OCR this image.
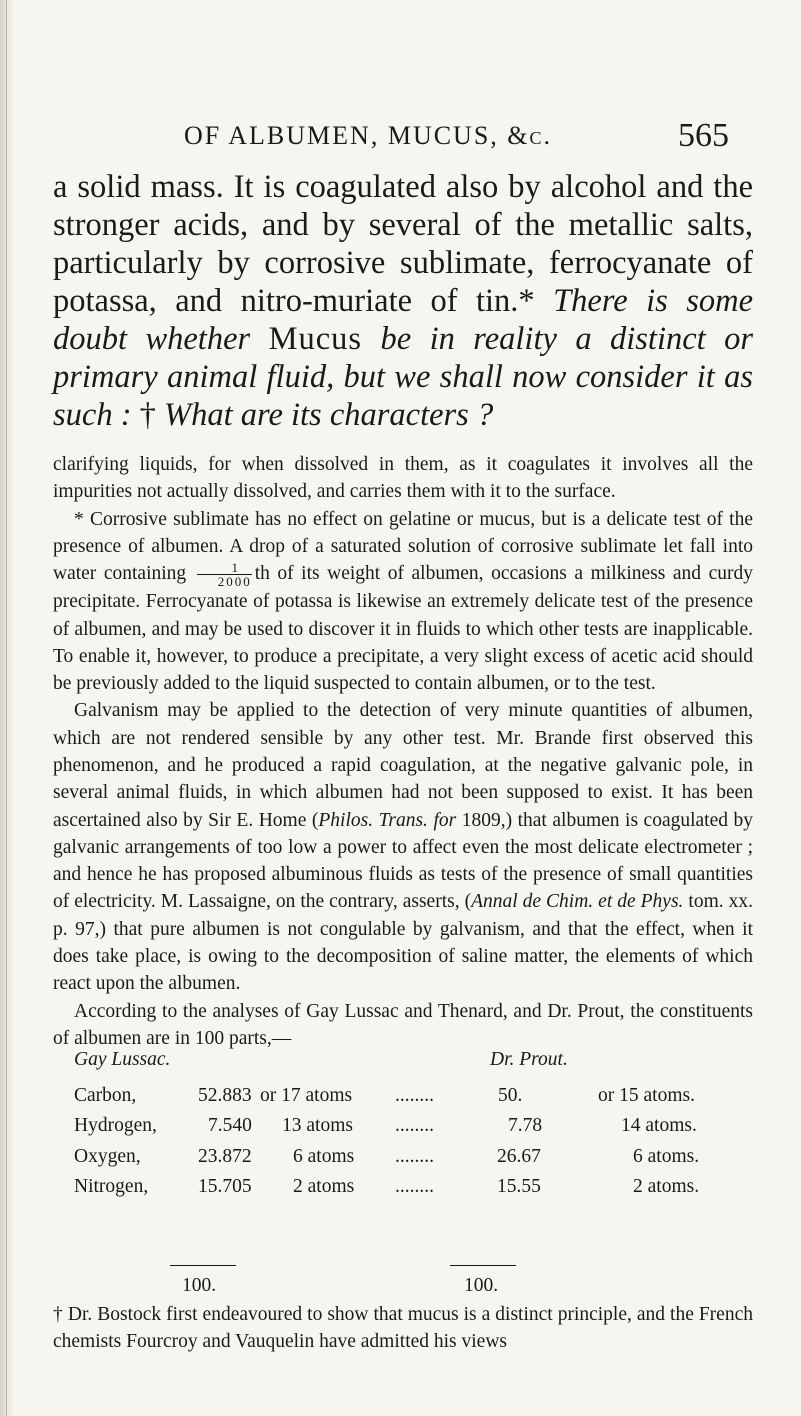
OF ALBUMEN, MUCUS, &c.	565

a solid mass. It is coagulated also by alcohol and the stronger acids, and by several of the metallic salts, particularly by corrosive sublimate, ferrocyanate of potassa, and nitro-muriate of tin.* There is some doubt whether Mucus be in reality a distinct or primary animal fluid, but we shall now consider it as such : † What are its characters ?

clarifying liquids, for when dissolved in them, as it coagulates it involves all the impurities not actually dissolved, and carries them with it to the surface.

* Corrosive sublimate has no effect on gelatine or mucus, but is a delicate test of the presence of albumen. A drop of a saturated solution of corrosive sublimate let fall into water containing $\frac{1}{2000}$ th of its weight of albumen, occasions a milkiness and curdy precipitate. Ferrocyanate of potassa is likewise an extremely delicate test of the presence of albumen, and may be used to discover it in fluids to which other tests are inapplicable. To enable it, however, to produce a precipitate, a very slight excess of acetic acid should be previously added to the liquid suspected to contain albumen, or to the test.

Galvanism may be applied to the detection of very minute quantities of albumen, which are not rendered sensible by any other test. Mr. Brande first observed this phenomenon, and he produced a rapid coagulation, at the negative galvanic pole, in several animal fluids, in which albumen had not been supposed to exist. It has been ascertained also by Sir E. Home (Philos. Trans. for 1809,) that albumen is coagulated by galvanic arrangements of too low a power to affect even the most delicate electrometer ; and hence he has proposed albuminous fluids as tests of the presence of small quantities of electricity. M. Lassaigne, on the contrary, asserts, (Annal de Chim. et de Phys. tom. xx. p. 97,) that pure albumen is not congulable by galvanism, and that the effect, when it does take place, is owing to the decomposition of saline matter, the elements of which react upon the albumen.

According to the analyses of Gay Lussac and Thenard, and Dr. Prout, the constituents of albumen are in 100 parts,—

Gay Lussac.	Dr. Prout.
Carbon,	52.883 or 17 atoms ........	50.	or 15 atoms.
Hydrogen,	7.540 13 atoms ........	7.78	14 atoms.
Oxygen,	23.872 6 atoms ........	26.67	6 atoms.
Nitrogen,	15.705 2 atoms ........	15.55	2 atoms.
100.	100.
† Dr. Bostock first endeavoured to show that mucus is a distinct principle, and the French chemists Fourcroy and Vauquelin have admitted his views
